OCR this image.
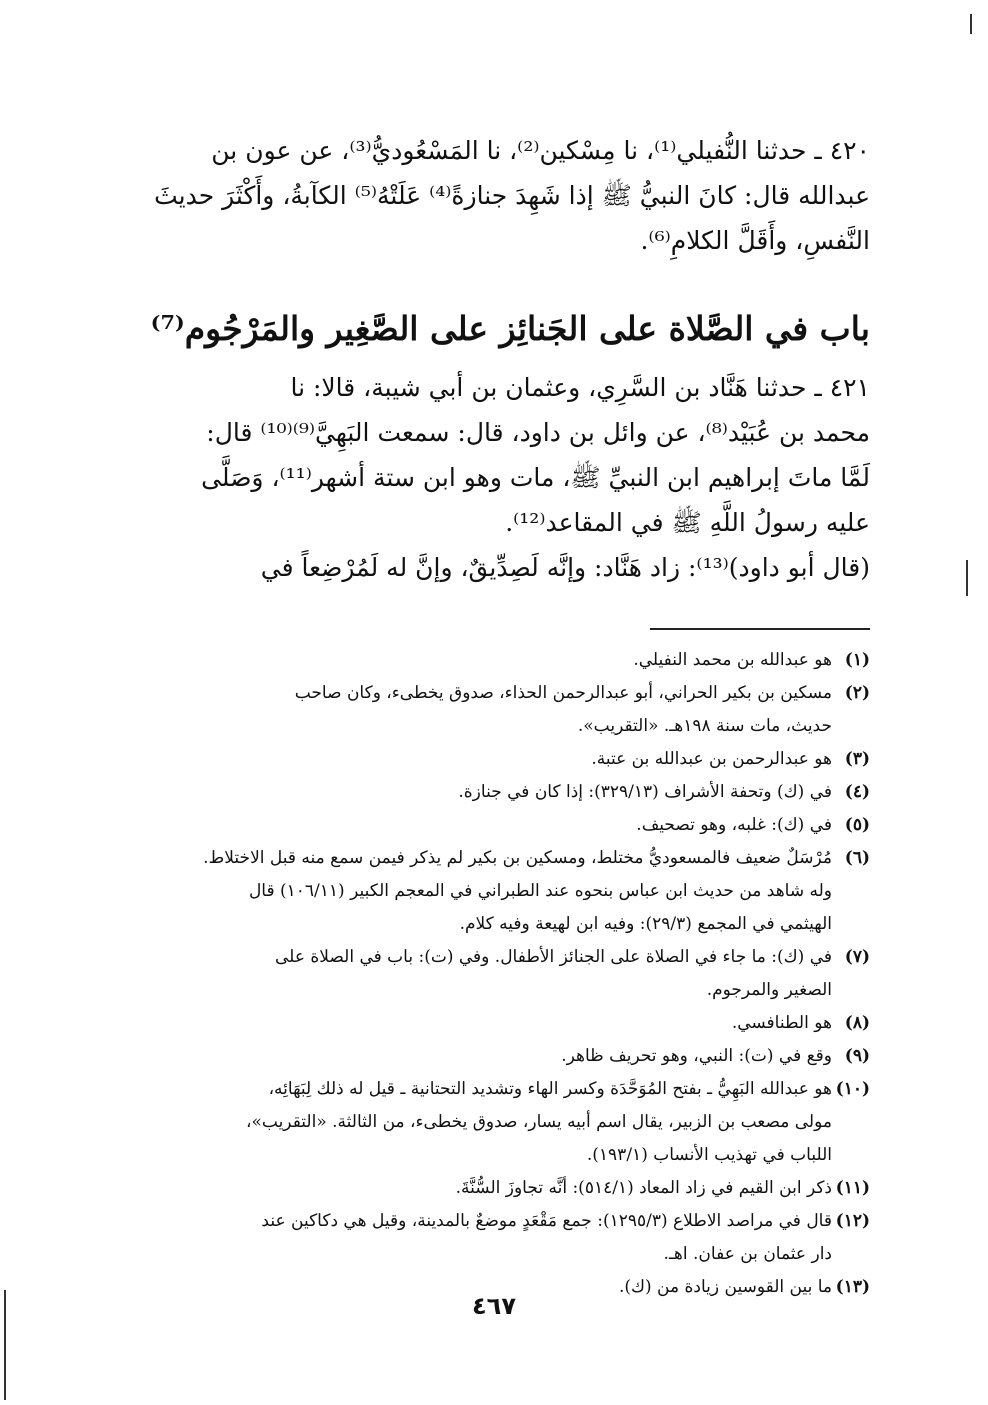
٤٢٠ ـ حدثنا النُّفيلي⁽¹⁾، نا مِسْكين⁽²⁾، نا المَسْعُوديُّ⁽³⁾، عن عون بن
عبدالله قال: كانَ النبيُّ ﷺ إذا شَهِدَ جنازةً⁽⁴⁾ عَلَتْهُ⁽⁵⁾ الكآبةُ، وأَكْثَرَ حديثَ
النَّفسِ، وأَقَلَّ الكلامِ⁽⁶⁾.
باب في الصَّلاة على الجَنائِز على الصَّغِير والمَرْجُوم⁽⁷⁾
٤٢١ ـ حدثنا هَنَّاد بن السَّرِي، وعثمان بن أبي شيبة، قالا: نا
محمد بن عُبَيْد⁽⁸⁾، عن وائل بن داود، قال: سمعت البَهِيَّ⁽⁹⁾⁽¹⁰⁾ قال:
لَمَّا ماتَ إبراهيم ابن النبيِّ ﷺ، مات وهو ابن ستة أشهر⁽¹¹⁾، وَصَلَّى
عليه رسولُ اللَّهِ ﷺ في المقاعد⁽¹²⁾.
(قال أبو داود)⁽¹³⁾: زاد هَنَّاد: وإنَّه لَصِدِّيقٌ، وإنَّ له لَمُرْضِعاً في
(١)
هو عبدالله بن محمد النفيلي.
(٢)
مسكين بن بكير الحراني، أبو عبدالرحمن الحذاء، صدوق يخطىء، وكان صاحب
حديث، مات سنة ١٩٨هـ. «التقريب».
(٣)
هو عبدالرحمن بن عبدالله بن عتبة.
(٤)
في (ك) وتحفة الأشراف (٣٢٩/١٣): إذا كان في جنازة.
(٥)
في (ك): غلبه، وهو تصحيف.
(٦)
مُرْسَلٌ ضعيف فالمسعوديُّ مختلط، ومسكين بن بكير لم يذكر فيمن سمع منه قبل الاختلاط.
وله شاهد من حديث ابن عباس بنحوه عند الطبراني في المعجم الكبير (١٠٦/١١) قال
الهيثمي في المجمع (٢٩/٣): وفيه ابن لهيعة وفيه كلام.
(٧)
في (ك): ما جاء في الصلاة على الجنائز الأطفال. وفي (ت): باب في الصلاة على
الصغير والمرجوم.
(٨)
هو الطنافسي.
(٩)
وقع في (ت): النبي، وهو تحريف ظاهر.
(١٠)
هو عبدالله البَهِيُّ ـ بفتح المُوَحَّدَة وكسر الهاء وتشديد التحتانية ـ قيل له ذلك لِبَهَائِه،
مولى مصعب بن الزبير، يقال اسم أبيه يسار، صدوق يخطىء، من الثالثة. «التقريب»،
اللباب في تهذيب الأنساب (١٩٣/١).
(١١)
ذكر ابن القيم في زاد المعاد (٥١٤/١): أنَّه تجاوزَ السُّنَّةَ.
(١٢)
قال في مراصد الاطلاع (١٢٩٥/٣): جمع مَقْعَدٍ موضعٌ بالمدينة، وقيل هي دكاكين عند
دار عثمان بن عفان. اهـ.
(١٣)
ما بين القوسين زيادة من (ك).
٤٦٧
